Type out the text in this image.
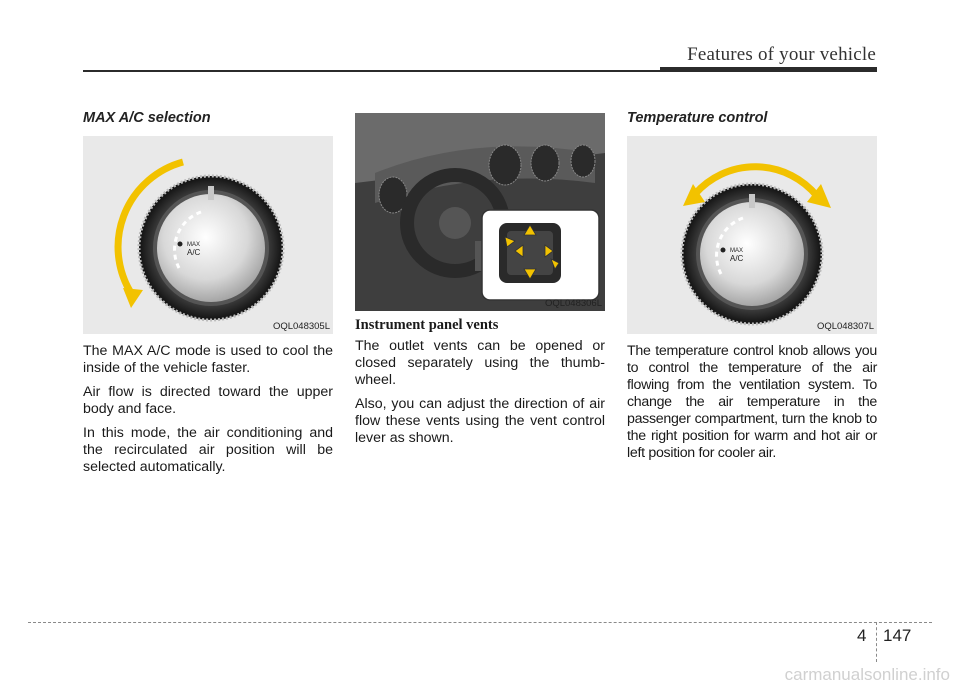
Features of your vehicle
MAX A/C selection
MAX
A/C
OQL048305L

The MAX A/C mode is used to cool the inside of the vehicle faster.

Air flow is directed toward the upper body and face.

In this mode, the air conditioning and the recirculated air position will be selected automatically.

OQL048306L
Instrument panel vents

The outlet vents can be opened or closed separately using the thumb-wheel.

Also, you can adjust the direction of air flow these vents using the vent control lever as shown.

Temperature control
MAX
A/C
OQL048307L

The temperature control knob allows you to control the temperature of the air flowing from the ventilation system. To change the air temperature in the passenger compartment, turn the knob to the right position for warm and hot air or left position for cooler air.

4 147
carmanualsonline.info
